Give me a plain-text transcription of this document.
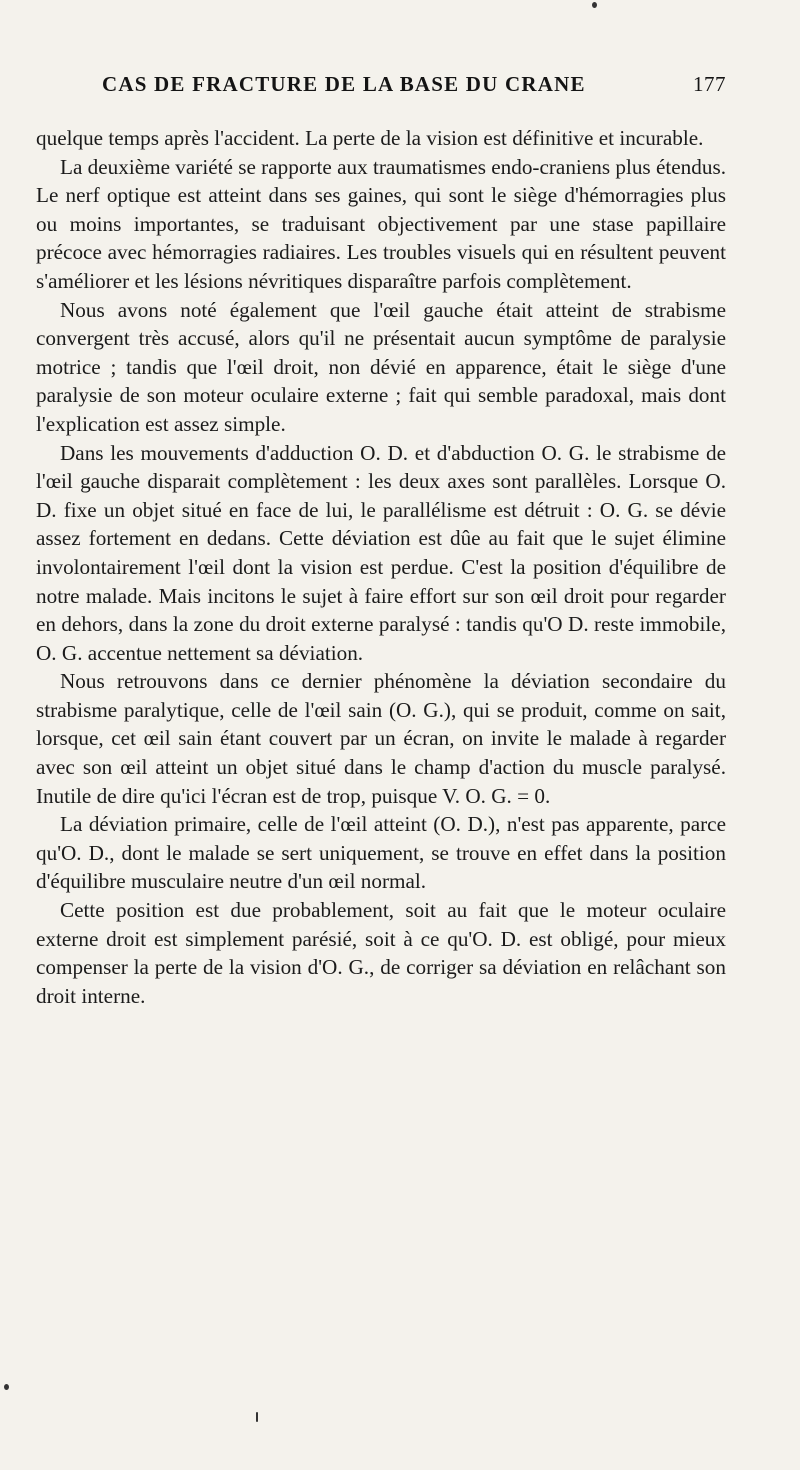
CAS DE FRACTURE DE LA BASE DU CRANE	177

quelque temps après l'accident. La perte de la vision est définitive et incurable.

La deuxième variété se rapporte aux traumatismes endo-craniens plus étendus. Le nerf optique est atteint dans ses gaines, qui sont le siège d'hémorragies plus ou moins importantes, se traduisant objectivement par une stase papillaire précoce avec hémorragies radiaires. Les troubles visuels qui en résultent peuvent s'améliorer et les lésions névritiques disparaître parfois complètement.

Nous avons noté également que l'œil gauche était atteint de strabisme convergent très accusé, alors qu'il ne présentait aucun symptôme de paralysie motrice ; tandis que l'œil droit, non dévié en apparence, était le siège d'une paralysie de son moteur oculaire externe ; fait qui semble paradoxal, mais dont l'explication est assez simple.

Dans les mouvements d'adduction O. D. et d'abduction O. G. le strabisme de l'œil gauche disparait complètement : les deux axes sont parallèles. Lorsque O. D. fixe un objet situé en face de lui, le parallélisme est détruit : O. G. se dévie assez fortement en dedans. Cette déviation est dûe au fait que le sujet élimine involontairement l'œil dont la vision est perdue. C'est la position d'équilibre de notre malade. Mais incitons le sujet à faire effort sur son œil droit pour regarder en dehors, dans la zone du droit externe paralysé : tandis qu'O D. reste immobile, O. G. accentue nettement sa déviation.

Nous retrouvons dans ce dernier phénomène la déviation secondaire du strabisme paralytique, celle de l'œil sain (O. G.), qui se produit, comme on sait, lorsque, cet œil sain étant couvert par un écran, on invite le malade à regarder avec son œil atteint un objet situé dans le champ d'action du muscle paralysé. Inutile de dire qu'ici l'écran est de trop, puisque V. O. G. = 0.

La déviation primaire, celle de l'œil atteint (O. D.), n'est pas apparente, parce qu'O. D., dont le malade se sert uniquement, se trouve en effet dans la position d'équilibre musculaire neutre d'un œil normal.

Cette position est due probablement, soit au fait que le moteur oculaire externe droit est simplement parésié, soit à ce qu'O. D. est obligé, pour mieux compenser la perte de la vision d'O. G., de corriger sa déviation en relâchant son droit interne.
